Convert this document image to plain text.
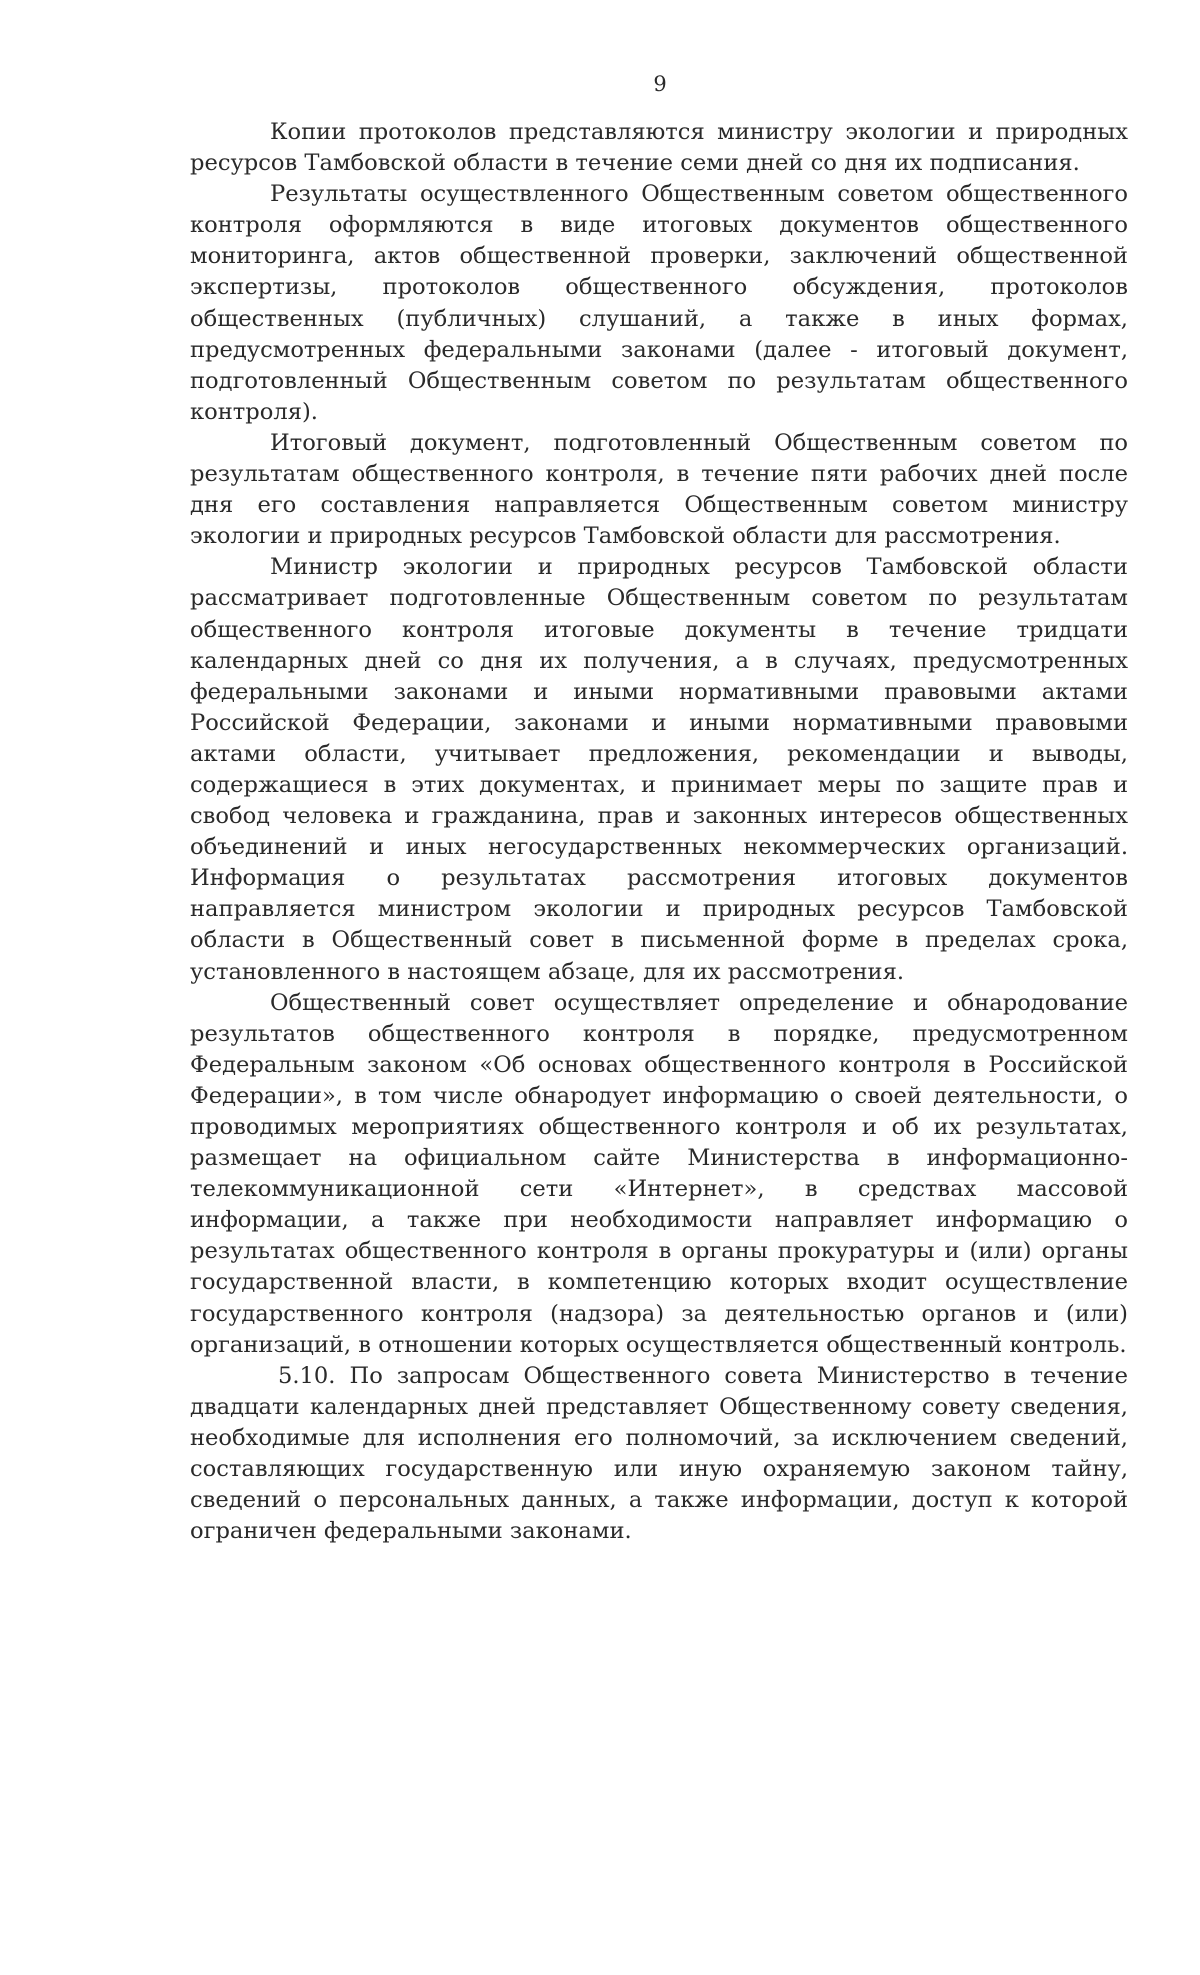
9

Копии протоколов представляются министру экологии и природных ресурсов Тамбовской области в течение семи дней со дня их подписания.

Результаты осуществленного Общественным советом общественного контроля оформляются в виде итоговых документов общественного мониторинга, актов общественной проверки, заключений общественной экспертизы, протоколов общественного обсуждения, протоколов общественных (публичных) слушаний, а также в иных формах, предусмотренных федеральными законами (далее - итоговый документ, подготовленный Общественным советом по результатам общественного контроля).

Итоговый документ, подготовленный Общественным советом по результатам общественного контроля, в течение пяти рабочих дней после дня его составления направляется Общественным советом министру экологии и природных ресурсов Тамбовской области для рассмотрения.

Министр экологии и природных ресурсов Тамбовской области рассматривает подготовленные Общественным советом по результатам общественного контроля итоговые документы в течение тридцати календарных дней со дня их получения, а в случаях, предусмотренных федеральными законами и иными нормативными правовыми актами Российской Федерации, законами и иными нормативными правовыми актами области, учитывает предложения, рекомендации и выводы, содержащиеся в этих документах, и принимает меры по защите прав и свобод человека и гражданина, прав и законных интересов общественных объединений и иных негосударственных некоммерческих организаций. Информация о результатах рассмотрения итоговых документов направляется министром экологии и природных ресурсов Тамбовской области в Общественный совет в письменной форме в пределах срока, установленного в настоящем абзаце, для их рассмотрения.

Общественный совет осуществляет определение и обнародование результатов общественного контроля в порядке, предусмотренном Федеральным законом «Об основах общественного контроля в Российской Федерации», в том числе обнародует информацию о своей деятельности, о проводимых мероприятиях общественного контроля и об их результатах, размещает на официальном сайте Министерства в информационно-телекоммуникационной сети «Интернет», в средствах массовой информации, а также при необходимости направляет информацию о результатах общественного контроля в органы прокуратуры и (или) органы государственной власти, в компетенцию которых входит осуществление государственного контроля (надзора) за деятельностью органов и (или) организаций, в отношении которых осуществляется общественный контроль.

5.10. По запросам Общественного совета Министерство в течение двадцати календарных дней представляет Общественному совету сведения, необходимые для исполнения его полномочий, за исключением сведений, составляющих государственную или иную охраняемую законом тайну, сведений о персональных данных, а также информации, доступ к которой ограничен федеральными законами.
